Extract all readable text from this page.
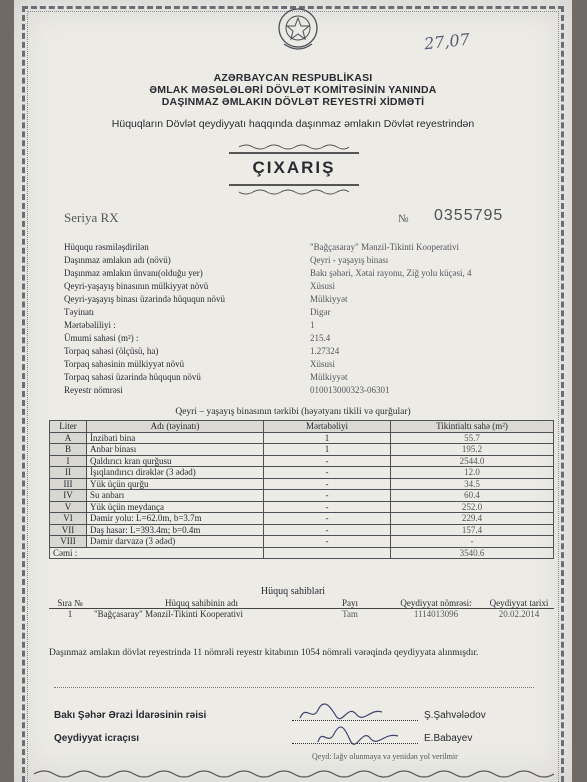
27,07
AZƏRBAYCAN RESPUBLİKASI
ƏMLAK MƏSƏLƏLƏRİ DÖVLƏT KOMİTƏSİNİN YANINDA
DAŞINMAZ ƏMLAKIN DÖVLƏT REYESTRİ XİDMƏTİ
Hüquqların Dövlət qeydiyyatı haqqında daşınmaz əmlakın Dövlət reyestrindən
ÇIXARIŞ
Seriya RX	№ 0355795
Hüququ rəsmiləşdirilən	"Bağçasaray" Mənzil-Tikinti Kooperativi
Daşınmaz əmlakın adı (növü)	Qeyri - yaşayış binası
Daşınmaz əmlakın ünvanı(olduğu yer)	Bakı şəhəri, Xətai rayonu, Ziğ yolu küçəsi, 4
Qeyri-yaşayış binasının mülkiyyət növü	Xüsusi
Qeyri-yaşayış binası üzərində hüququn növü	Mülkiyyət
Təyinatı	Digər
Mərtəbəliliyi :	1
Ümumi sahəsi (m²) :	215.4
Torpaq sahəsi (ölçüsü, ha)	1.27324
Torpaq sahəsinin mülkiyyət növü	Xüsusi
Torpaq sahəsi üzərində hüququn növü	Mülkiyyət
Reyestr nömrəsi	010013000323-06301
Qeyri – yaşayış binasının tərkibi (həyətyanı tikili və qurğular)
Liter	Adı (təyinatı)	Mərtəbəliyi	Tikintialtı sahə (m²)
A	İnzibati bina	1	55.7
B	Anbar binası	1	195.2
I	Qaldırıcı kran qurğusu	-	2544.0
II	İşıqlandırıcı dirəklər (3 ədəd)	-	12.0
III	Yük üçün qurğu	-	34.5
IV	Su anbarı	-	60.4
V	Yük üçün meydança	-	252.0
VI	Dəmir yolu: L=62.0m, b=3.7m	-	229.4
VII	Daş hasar: L=393.4m; b=0.4m	-	157.4
VIII	Dəmir darvazə (3 ədəd)	-	-
Cəmi :			3540.6
Hüquq sahibləri
Sıra №	Hüquq sahibinin adı	Payı	Qeydiyyat nömrəsi:	Qeydiyyat tarixi
1	"Bağçasaray" Mənzil-Tikinti Kooperativi	Tam	1114013096	20.02.2014
Daşınmaz əmlakın dövlət reyestrində 11 nömrəli reyestr kitabının 1054 nömrəli vərəqində qeydiyyata alınmışdır.
Bakı Şəhər Ərazi İdarəsinin rəisi	Ş.Şahvələdov
Qeydiyyat icraçısı	E.Babayev
Qeyd: ləğv olunmaya və yenidən yol verilmir
